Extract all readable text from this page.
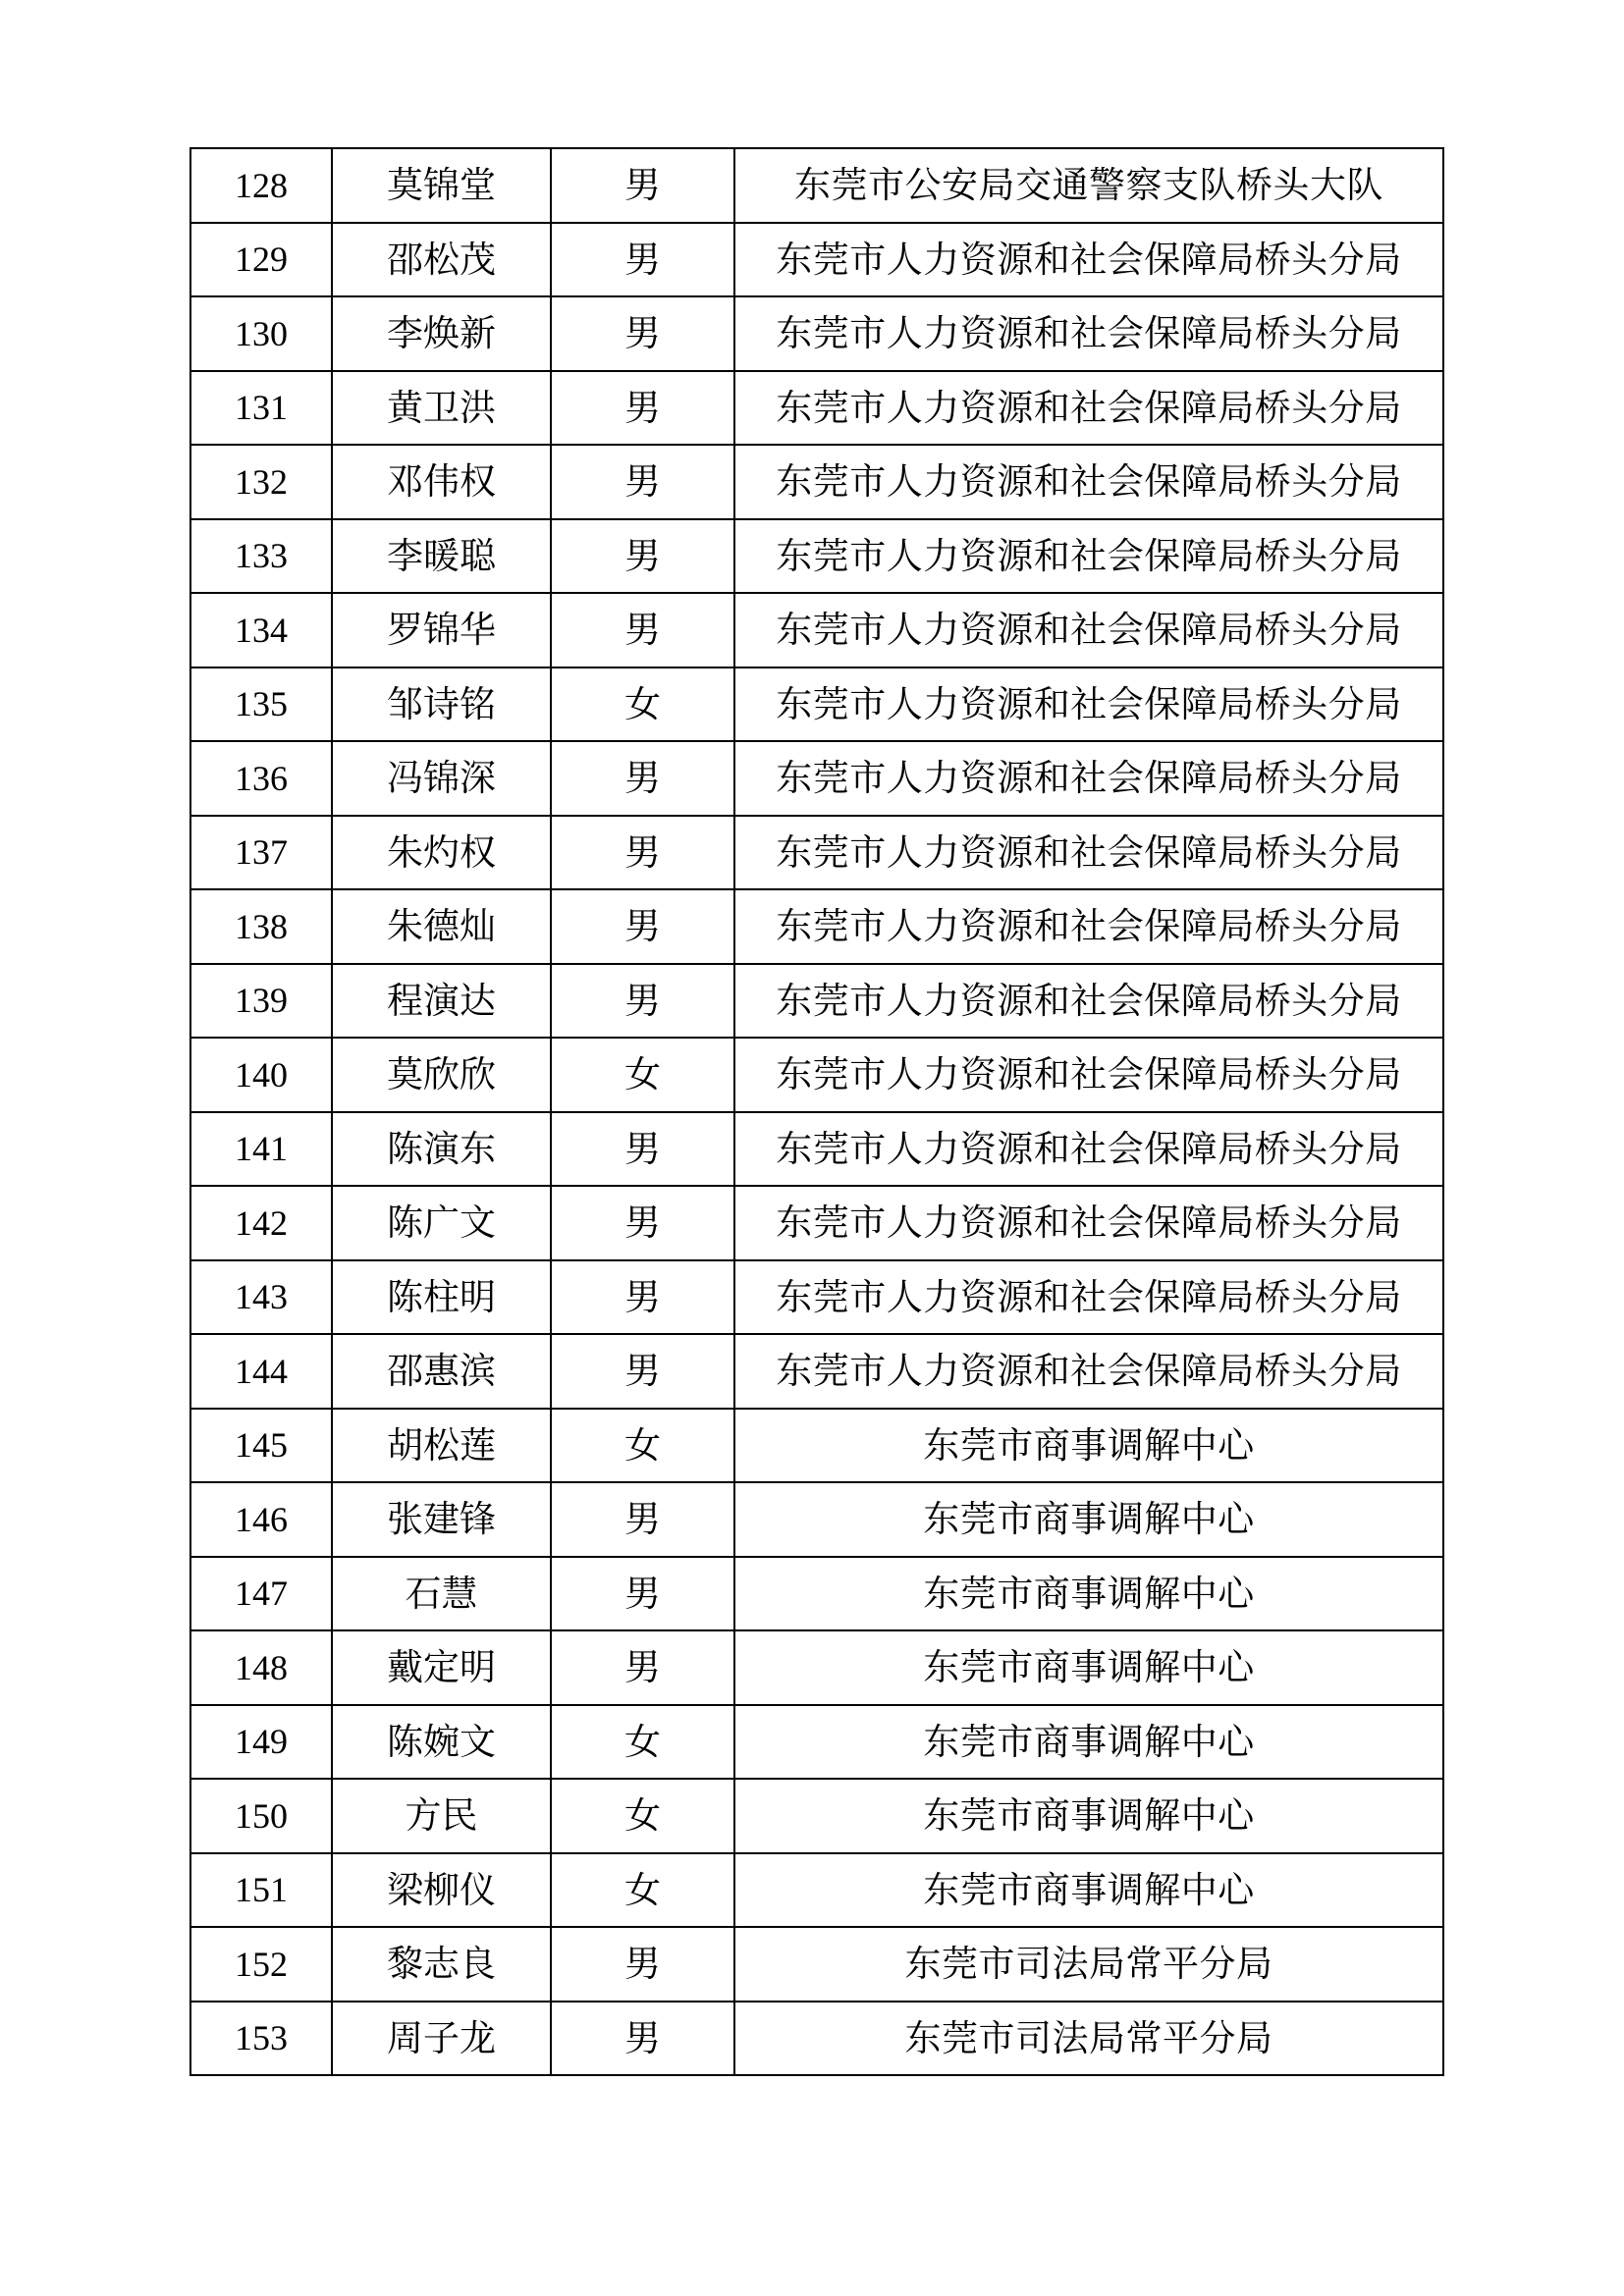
128	莫锦堂	男	东莞市公安局交通警察支队桥头大队
129	邵松茂	男	东莞市人力资源和社会保障局桥头分局
130	李焕新	男	东莞市人力资源和社会保障局桥头分局
131	黄卫洪	男	东莞市人力资源和社会保障局桥头分局
132	邓伟权	男	东莞市人力资源和社会保障局桥头分局
133	李暖聪	男	东莞市人力资源和社会保障局桥头分局
134	罗锦华	男	东莞市人力资源和社会保障局桥头分局
135	邹诗铭	女	东莞市人力资源和社会保障局桥头分局
136	冯锦深	男	东莞市人力资源和社会保障局桥头分局
137	朱灼权	男	东莞市人力资源和社会保障局桥头分局
138	朱德灿	男	东莞市人力资源和社会保障局桥头分局
139	程演达	男	东莞市人力资源和社会保障局桥头分局
140	莫欣欣	女	东莞市人力资源和社会保障局桥头分局
141	陈演东	男	东莞市人力资源和社会保障局桥头分局
142	陈广文	男	东莞市人力资源和社会保障局桥头分局
143	陈柱明	男	东莞市人力资源和社会保障局桥头分局
144	邵惠滨	男	东莞市人力资源和社会保障局桥头分局
145	胡松莲	女	东莞市商事调解中心
146	张建锋	男	东莞市商事调解中心
147	石慧	男	东莞市商事调解中心
148	戴定明	男	东莞市商事调解中心
149	陈婉文	女	东莞市商事调解中心
150	方民	女	东莞市商事调解中心
151	梁柳仪	女	东莞市商事调解中心
152	黎志良	男	东莞市司法局常平分局
153	周子龙	男	东莞市司法局常平分局
